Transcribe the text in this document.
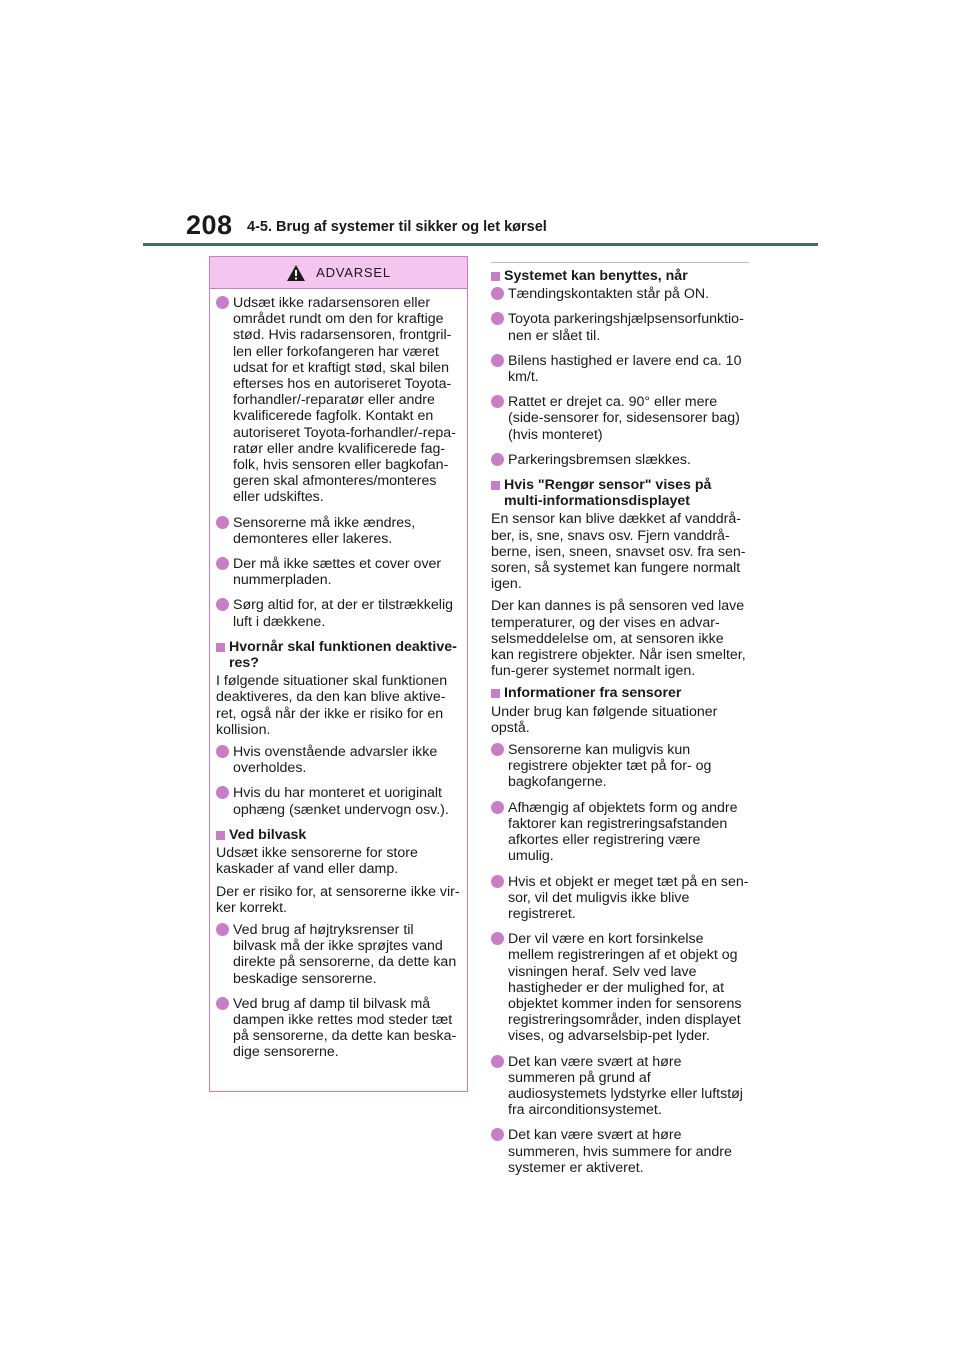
208 4-5. Brug af systemer til sikker og let kørsel
ADVARSEL
Udsæt ikke radarsensoren eller området rundt om den for kraftige stød. Hvis radarsensoren, frontgril-len eller forkofangeren har været udsat for et kraftigt stød, skal bilen efterses hos en autoriseret Toyota-forhandler/-reparatør eller andre kvalificerede fagfolk. Kontakt en autoriseret Toyota-forhandler/-repa-ratør eller andre kvalificerede fag-folk, hvis sensoren eller bagkofan-geren skal afmonteres/monteres eller udskiftes.
Sensorerne må ikke ændres, demonteres eller lakeres.
Der må ikke sættes et cover over nummerpladen.
Sørg altid for, at der er tilstrækkelig luft i dækkene.
Hvornår skal funktionen deaktive-res?

I følgende situationer skal funktionen deaktiveres, da den kan blive aktive-ret, også når der ikke er risiko for en kollision.

Hvis ovenstående advarsler ikke overholdes.
Hvis du har monteret et uoriginalt ophæng (sænket undervogn osv.).
Ved bilvask

Udsæt ikke sensorerne for store kaskader af vand eller damp.

Der er risiko for, at sensorerne ikke vir-ker korrekt.

Ved brug af højtryksrenser til bilvask må der ikke sprøjtes vand direkte på sensorerne, da dette kan beskadige sensorerne.
Ved brug af damp til bilvask må dampen ikke rettes mod steder tæt på sensorerne, da dette kan beska-dige sensorerne.
Systemet kan benyttes, når
Tændingskontakten står på ON.
Toyota parkeringshjælpsensorfunktio-nen er slået til.
Bilens hastighed er lavere end ca. 10 km/t.
Rattet er drejet ca. 90° eller mere (side-sensorer for, sidesensorer bag) (hvis monteret)
Parkeringsbremsen slækkes.
Hvis "Rengør sensor" vises på multi-informationsdisplayet

En sensor kan blive dækket af vanddrå-ber, is, sne, snavs osv. Fjern vanddrå-berne, isen, sneen, snavset osv. fra sen-soren, så systemet kan fungere normalt igen.

Der kan dannes is på sensoren ved lave temperaturer, og der vises en advar-selsmeddelelse om, at sensoren ikke kan registrere objekter. Når isen smelter, fun-gerer systemet normalt igen.

Informationer fra sensorer

Under brug kan følgende situationer opstå.

Sensorerne kan muligvis kun registrere objekter tæt på for- og bagkofangerne.
Afhængig af objektets form og andre faktorer kan registreringsafstanden afkortes eller registrering være umulig.
Hvis et objekt er meget tæt på en sen-sor, vil det muligvis ikke blive registreret.
Der vil være en kort forsinkelse mellem registreringen af et objekt og visningen heraf. Selv ved lave hastigheder er der mulighed for, at objektet kommer inden for sensorens registreringsområder, inden displayet vises, og advarselsbip-pet lyder.
Det kan være svært at høre summeren på grund af audiosystemets lydstyrke eller luftstøj fra airconditionsystemet.
Det kan være svært at høre summeren, hvis summere for andre systemer er aktiveret.
